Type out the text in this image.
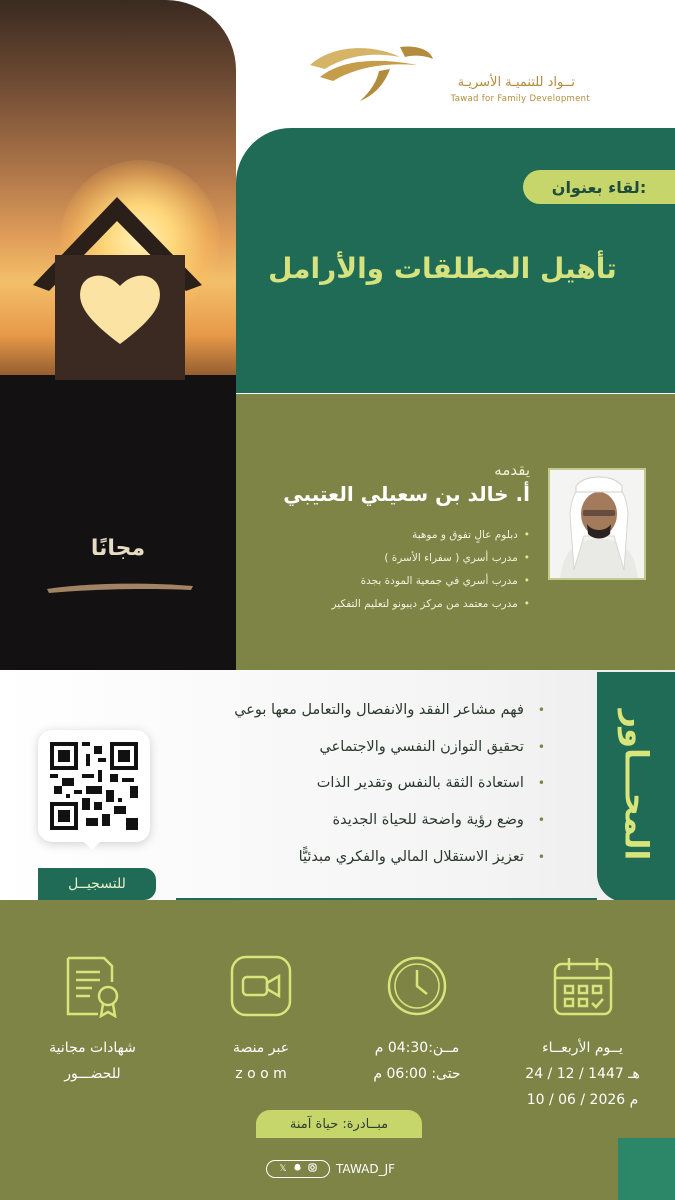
مجانًا
تــواد للتنميـة الأسريـة
Tawad for Family Development
لقاء بعنوان:
تأهيل المطلقات والأرامل
يقدمه
أ. خالد بن سعيلي العتيبي
دبلوم عالٍ تفوق و موهبة •
مدرب أسري ( سفراء الأسرة ) •
مدرب أسري في جمعية المودة بجدة •
مدرب معتمد من مركز ديبونو لتعليم التفكير •
المحـــاور
فهم مشاعر الفقد والانفصال والتعامل معها بوعي •
تحقيق التوازن النفسي والاجتماعي •
استعادة الثقة بالنفس وتقدير الذات •
وضع رؤية واضحة للحياة الجديدة •
تعزيز الاستقلال المالي والفكري مبدئيًّا •
للتسجيــل
يــوم الأربعــاء
24 / 12 / 1447 هـ
10 / 06 / 2026 م
مــن:04:30 م
حتى: 06:00 م
عبر منصة
z o o m
شهادات مجانية
للحضـــور
مبــادرة: حياة آمنة
𝕏	TAWAD_JF
